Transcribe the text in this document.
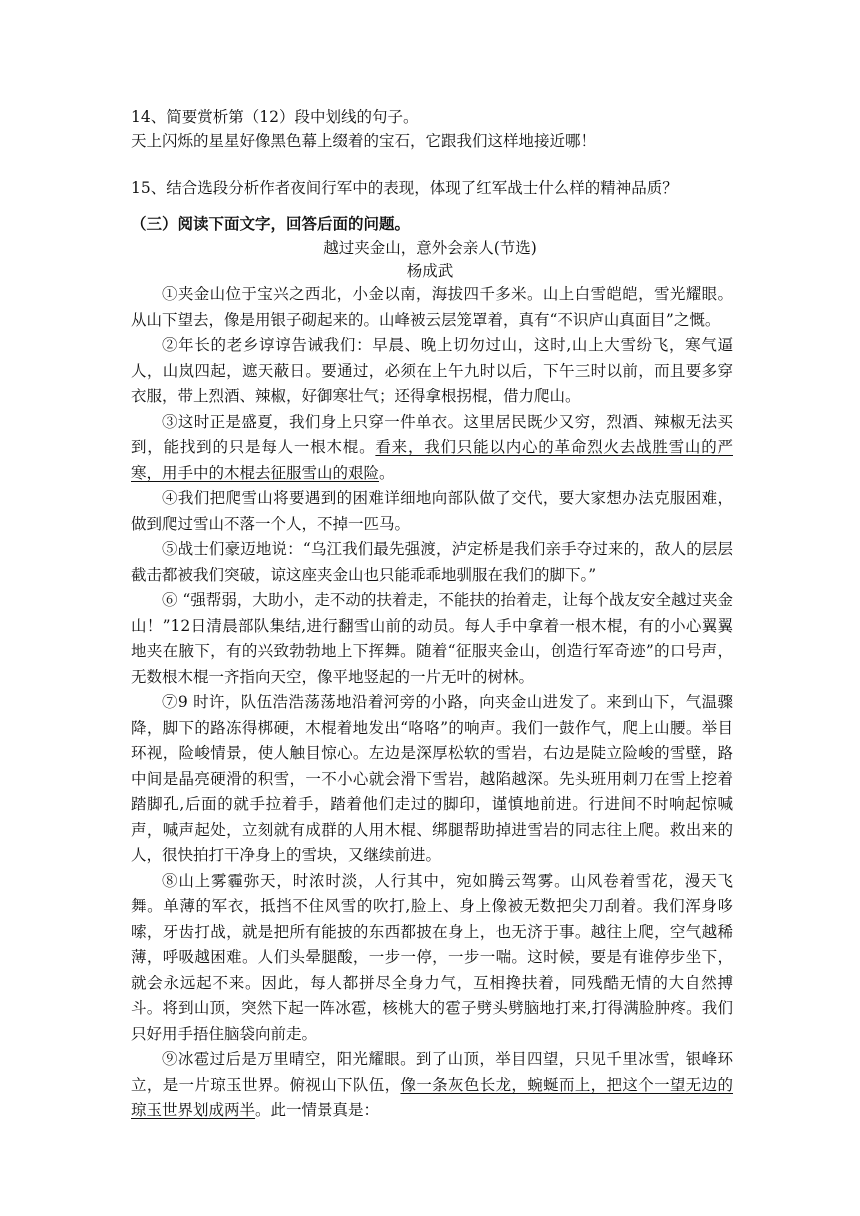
14、简要赏析第（12）段中划线的句子。
天上闪烁的星星好像黑色幕上缀着的宝石，它跟我们这样地接近哪！
15、结合选段分析作者夜间行军中的表现，体现了红军战士什么样的精神品质？
（三）阅读下面文字，回答后面的问题。
越过夹金山，意外会亲人(节选)
杨成武

①夹金山位于宝兴之西北，小金以南，海拔四千多米。山上白雪皑皑，雪光耀眼。从山下望去，像是用银子砌起来的。山峰被云层笼罩着，真有“不识庐山真面目”之慨。

②年长的老乡谆谆告诫我们：早晨、晚上切勿过山，这时,山上大雪纷飞，寒气逼人，山岚四起，遮天蔽日。要通过，必须在上午九时以后，下午三时以前，而且要多穿衣服，带上烈酒、辣椒，好御寒壮气；还得拿根拐棍，借力爬山。

③这时正是盛夏，我们身上只穿一件单衣。这里居民既少又穷，烈酒、辣椒无法买到，能找到的只是每人一根木棍。看来，我们只能以内心的革命烈火去战胜雪山的严寒，用手中的木棍去征服雪山的艰险。

④我们把爬雪山将要遇到的困难详细地向部队做了交代，要大家想办法克服困难，做到爬过雪山不落一个人，不掉一匹马。

⑤战士们豪迈地说：“乌江我们最先强渡，泸定桥是我们亲手夺过来的，敌人的层层截击都被我们突破，谅这座夹金山也只能乖乖地驯服在我们的脚下。”

⑥ “强帮弱，大助小，走不动的扶着走，不能扶的抬着走，让每个战友安全越过夹金山！”12日清晨部队集结,进行翻雪山前的动员。每人手中拿着一根木棍，有的小心翼翼地夹在腋下，有的兴致勃勃地上下挥舞。随着“征服夹金山，创造行军奇迹”的口号声，无数根木棍一齐指向天空，像平地竖起的一片无叶的树林。

⑦9 时许，队伍浩浩荡荡地沿着河旁的小路，向夹金山进发了。来到山下，气温骤降，脚下的路冻得梆硬，木棍着地发出“咯咯”的响声。我们一鼓作气，爬上山腰。举目环视，险峻情景，使人触目惊心。左边是深厚松软的雪岩，右边是陡立险峻的雪壁，路中间是晶亮硬滑的积雪，一不小心就会滑下雪岩，越陷越深。先头班用刺刀在雪上挖着踏脚孔,后面的就手拉着手，踏着他们走过的脚印，谨慎地前进。行进间不时响起惊喊声，喊声起处，立刻就有成群的人用木棍、绑腿帮助掉进雪岩的同志往上爬。救出来的人，很快拍打干净身上的雪块，又继续前进。

⑧山上雾霾弥天，时浓时淡，人行其中，宛如腾云驾雾。山风卷着雪花，漫天飞舞。单薄的军衣，抵挡不住风雪的吹打,脸上、身上像被无数把尖刀刮着。我们浑身哆嗦，牙齿打战，就是把所有能披的东西都披在身上，也无济于事。越往上爬，空气越稀薄，呼吸越困难。人们头晕腿酸，一步一停，一步一喘。这时候，要是有谁停步坐下，就会永远起不来。因此，每人都拼尽全身力气，互相搀扶着，同残酷无情的大自然搏斗。将到山顶，突然下起一阵冰雹，核桃大的雹子劈头劈脑地打来,打得满脸肿疼。我们只好用手捂住脑袋向前走。

⑨冰雹过后是万里晴空，阳光耀眼。到了山顶，举目四望，只见千里冰雪，银峰环立，是一片琼玉世界。俯视山下队伍，像一条灰色长龙，蜿蜒而上，把这个一望无边的琼玉世界划成两半。此一情景真是：
